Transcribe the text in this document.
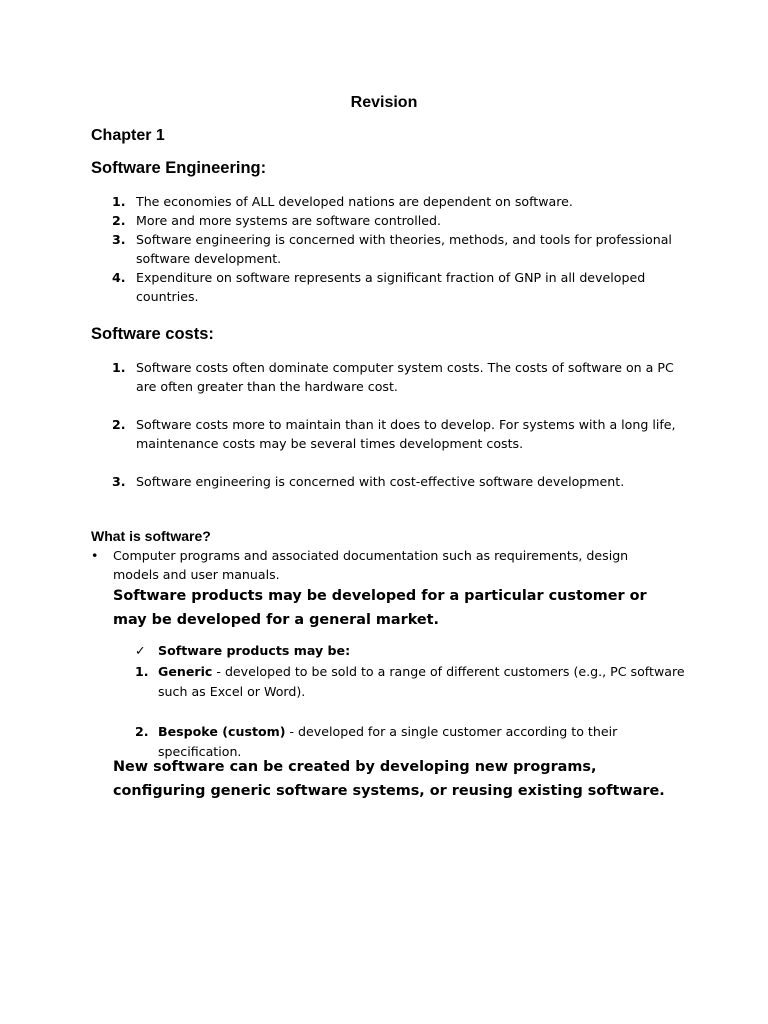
Revision
Chapter 1
Software Engineering:
1. The economies of ALL developed nations are dependent on software.
2. More and more systems are software controlled.
3. Software engineering is concerned with theories, methods, and tools for professional software development.
4. Expenditure on software represents a significant fraction of GNP in all developed countries.
Software costs:
1. Software costs often dominate computer system costs. The costs of software on a PC are often greater than the hardware cost.
2. Software costs more to maintain than it does to develop. For systems with a long life, maintenance costs may be several times development costs.
3. Software engineering is concerned with cost-effective software development.
What is software?
•	Computer programs and associated documentation such as requirements, design models and user manuals.
Software products may be developed for a particular customer or may be developed for a general market.
✓ Software products may be:
1. Generic - developed to be sold to a range of different customers (e.g., PC software such as Excel or Word).
2. Bespoke (custom) - developed for a single customer according to their specification.
New software can be created by developing new programs, configuring generic software systems, or reusing existing software.
